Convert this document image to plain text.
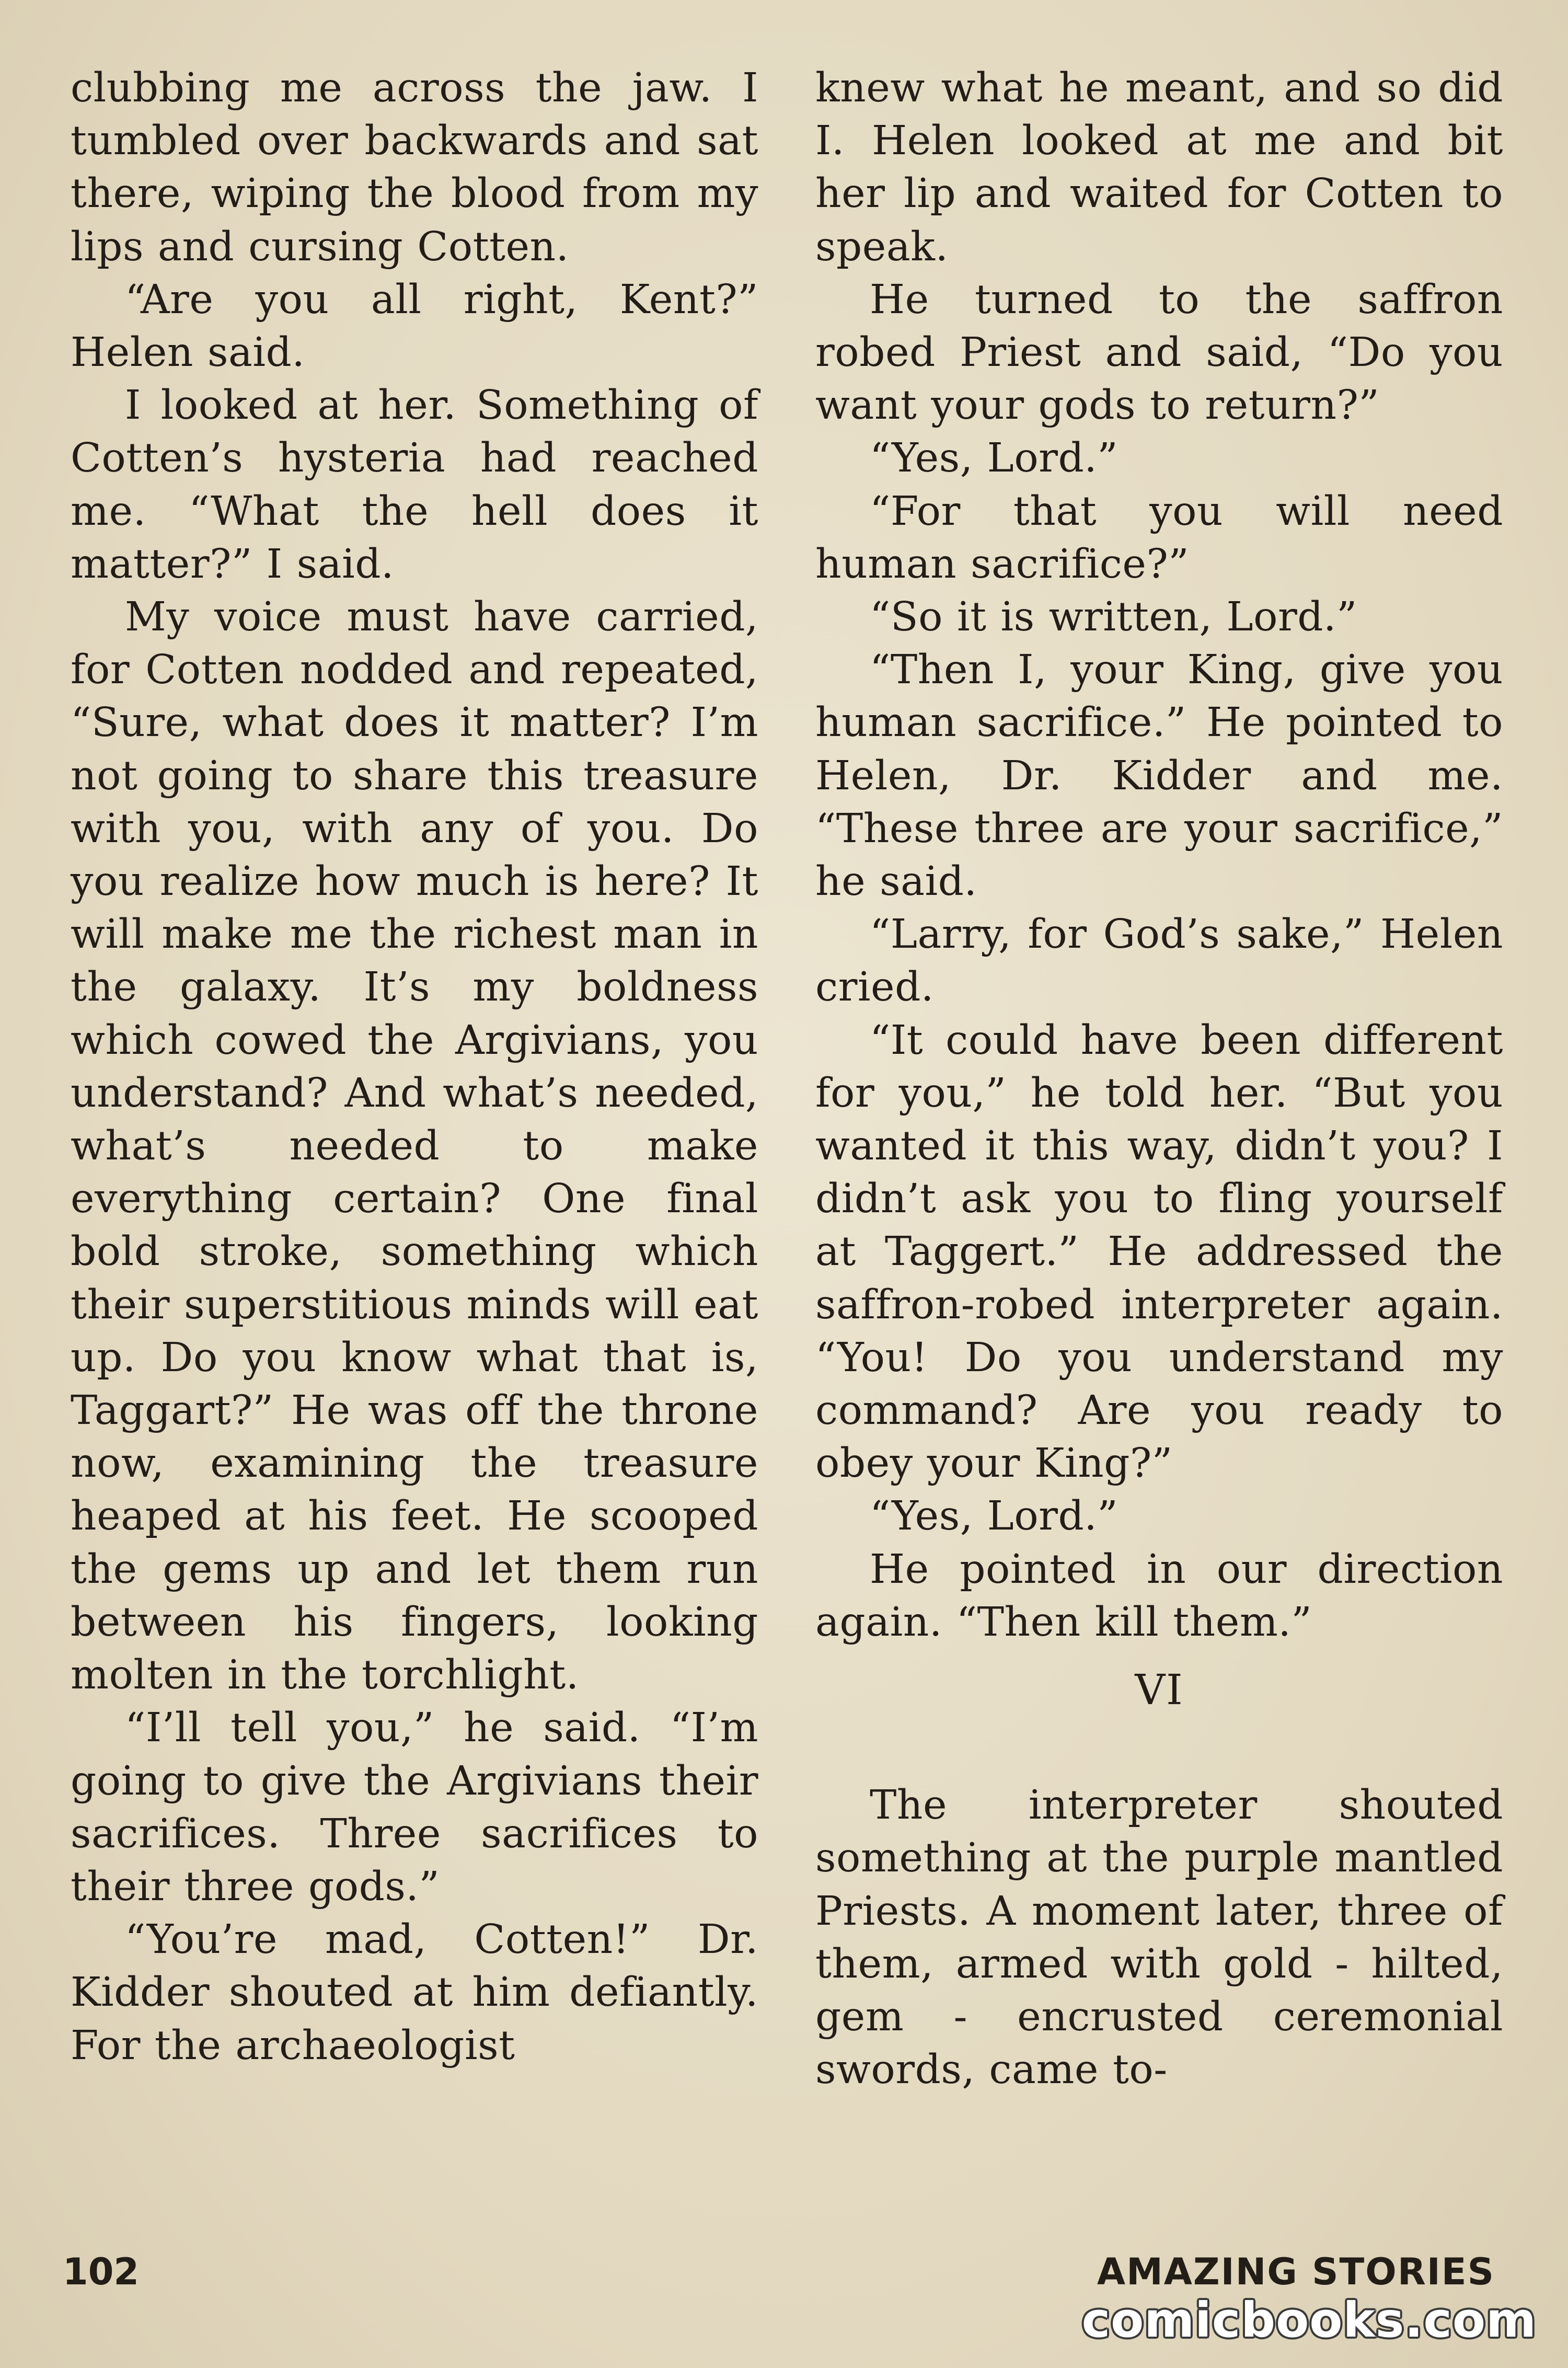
clubbing me across the jaw. I tumbled over backwards and sat there, wiping the blood from my lips and cursing Cotten.

“Are you all right, Kent?” Helen said.

I looked at her. Something of Cotten’s hysteria had reached me. “What the hell does it matter?” I said.

My voice must have carried, for Cotten nodded and repeated, “Sure, what does it matter? I’m not going to share this treasure with you, with any of you. Do you realize how much is here? It will make me the richest man in the galaxy. It’s my boldness which cowed the Argivians, you understand? And what’s needed, what’s needed to make everything certain? One final bold stroke, something which their superstitious minds will eat up. Do you know what that is, Taggart?” He was off the throne now, examining the treasure heaped at his feet. He scooped the gems up and let them run between his fingers, looking molten in the torchlight.

“I’ll tell you,” he said. “I’m going to give the Argivians their sacrifices. Three sacrifices to their three gods.”

“You’re mad, Cotten!” Dr. Kidder shouted at him defiantly. For the archaeologist

knew what he meant, and so did I. Helen looked at me and bit her lip and waited for Cotten to speak.

He turned to the saffron robed Priest and said, “Do you want your gods to return?”

“Yes, Lord.”

“For that you will need human sacrifice?”

“So it is written, Lord.”

“Then I, your King, give you human sacrifice.” He pointed to Helen, Dr. Kidder and me. “These three are your sacrifice,” he said.

“Larry, for God’s sake,” Helen cried.

“It could have been different for you,” he told her. “But you wanted it this way, didn’t you? I didn’t ask you to fling yourself at Taggert.” He addressed the saffron-robed interpreter again. “You! Do you understand my command? Are you ready to obey your King?”

“Yes, Lord.”

He pointed in our direction again. “Then kill them.”

VI

The interpreter shouted something at the purple mantled Priests. A moment later, three of them, armed with gold - hilted, gem - encrusted ceremonial swords, came to-

102	AMAZING STORIES
comicbooks.com
